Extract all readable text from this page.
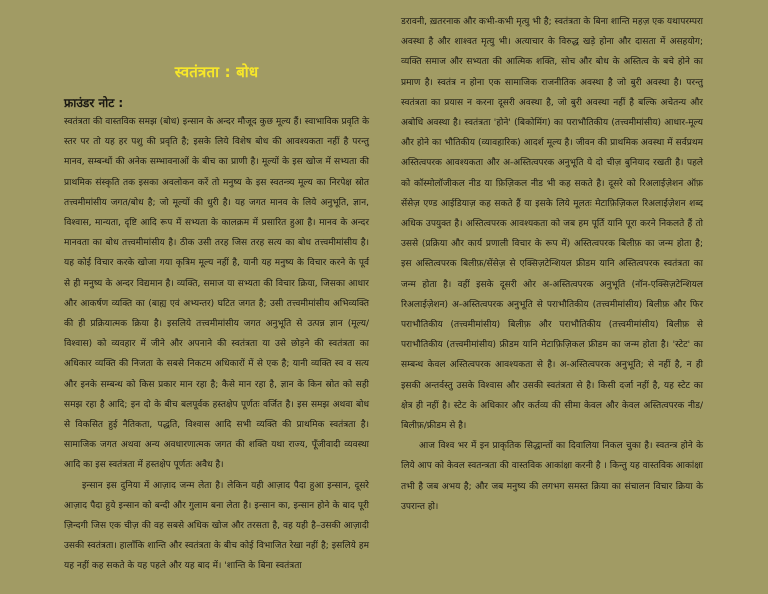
स्वतंत्रता : बोध
फ्राउंडर नोट :

स्वतंत्रता की वास्तविक समझ (बोध) इन्सान के अन्दर मौजूद कुछ मूल्य हैं। स्वाभाविक प्रवृति के स्तर पर तो यह हर पशु की प्रवृति है; इसके लिये विशेष बोध की आवश्यकता नहीं है परन्तु मानव, सम्बन्धों की अनेक सम्भावनाओं के बीच का प्राणी है। मूल्यों के इस खोज में सभ्यता की प्राथमिक संस्कृति तक इसका अवलोकन करें तो मनुष्य के इस स्वतन्त्र्य मूल्य का निरपेक्ष स्रोत तत्त्वमीमांसीय जगत/बोध है; जो मूल्यों की धुरी है। यह जगत मानव के लिये अनुभूति, ज्ञान, विश्वास, मान्यता, दृष्टि आदि रूप में सभ्यता के कालक्रम में प्रसारित हुआ है। मानव के अन्दर मानवता का बोध तत्त्वमीमांसीय है। ठीक उसी तरह जिस तरह सत्य का बोध तत्त्वमीमांसीय है। यह कोई विचार करके खोजा गया कृत्रिम मूल्य नहीं है, यानी यह मनुष्य के विचार करने के पूर्व से ही मनुष्य के अन्दर विद्यमान है। व्यक्ति, समाज या सभ्यता की विचार क्रिया, जिसका आधार और आकर्षण व्यक्ति का (बाह्य एवं अभ्यन्तर) घटित जगत है; उसी तत्त्वमीमांसीय अभिव्यक्ति की ही प्रक्रियात्मक क्रिया है। इसलिये तत्त्वमीमांसीय जगत अनुभूति से उत्पन्न ज्ञान (मूल्य/विश्वास) को व्यवहार में जीने और अपनाने की स्वतंत्रता या उसे छोड़ने की स्वतंत्रता का अधिकार व्यक्ति की निजता के सबसे निकटम अधिकारों में से एक है; यानी व्यक्ति स्व व सत्य और इनके सम्बन्ध को किस प्रकार मान रहा है; कैसे मान रहा है, ज्ञान के किन स्रोत को सही समझ रहा है आदि; इन दो के बीच बलपूर्वक हस्तक्षेप पूर्णतः वर्जित है। इस समझ अथवा बोध से विकसित हुई नैतिकता, पद्धति, विश्वास आदि सभी व्यक्ति की प्राथमिक स्वतंत्रता है। सामाजिक जगत अथवा अन्य अवधारणात्मक जगत की शक्ति यथा राज्य, पूँजीवादी व्यवस्था आदि का इस स्वतंत्रता में हस्तक्षेप पूर्णतः अवैध है।

इन्सान इस दुनिया में आज़ाद जन्म लेता है। लेकिन यही आज़ाद पैदा हुआ इन्सान, दूसरे आज़ाद पैदा हुये इन्सान को बन्दी और गुलाम बना लेता है। इन्सान का, इन्सान होने के बाद पूरी ज़िन्दगी जिस एक चीज़ की वह सबसे अधिक खोज और तरसता है, वह यही है–उसकी आज़ादी उसकी स्वतंत्रता। हालाँकि शान्ति और स्वतंत्रता के बीच कोई विभाजित रेखा नहीं है; इसलिये हम यह नहीं कह सकते के यह पहले और यह बाद में। 'शान्ति के बिना स्वतंत्रता

डरावनी, ख़तरनाक और कभी-कभी मृत्यु भी है; स्वतंत्रता के बिना शान्ति महज़ एक यथापरम्परा अवस्था है और शाश्वत मृत्यु भी। अत्याचार के विरुद्ध खड़े होना और दासता में असहयोग; व्यक्ति समाज और सभ्यता की आत्मिक शक्ति, सोच और बोध के अस्तित्व के बचे होने का प्रमाण है। स्वतंत्र न होना एक सामाजिक राजनीतिक अवस्था है जो बुरी अवस्था है। परन्तु स्वतंत्रता का प्रयास न करना दूसरी अवस्था है, जो बुरी अवस्था नहीं है बल्कि अचेतन्य और अबोधि अवस्था है। स्वतंत्रता 'होने' (बिकोमिंग) का पराभौतिकीय (तत्त्वमीमांसीय) आधार-मूल्य और होने का भौतिकीय (व्यावहारिक) आदर्श मूल्य है। जीवन की प्राथमिक अवस्था में सर्वप्रथम अस्तित्वपरक आवश्यकता और अ-अस्तित्वपरक अनुभूति ये दो चीज़ बुनियाद रखती है। पहले को कॉस्मोलॉजीकल नीड या फ़िज़िकल नीड भी कह सकते है। दूसरे को रिअलाईज़ेशन ऑफ़ सेंसेज़ एण्ड आईडियाज़ कह सकते हैं या इसके लिये मूलतः मेटाफ़िज़िकल रिअलाईज़ेशन शब्द अधिक उपयुक्त है। अस्तित्वपरक आवश्यकता को जब हम पूर्ति यानि पूरा करने निकलते हैं तो उससे (प्रक्रिया और कार्य प्रणाली विचार के रूप में) अस्तित्वपरक बिलीफ़ का जन्म होता है; इस अस्तित्वपरक बिलीफ़/सेंसेज़ से एक्सिज़टेन्शियल फ्रीडम यानि अस्तित्वपरक स्वतंत्रता का जन्म होता है। वहीं इसके दूसरी ओर अ-अस्तित्वपरक अनुभूति (नॉन-एक्सिज़टेन्शियल रिअलाईज़ेशन) अ-अस्तित्वपरक अनुभूति से पराभौतिकीय (तत्त्वमीमांसीय) बिलीफ़ और फिर पराभौतिकीय (तत्त्वमीमांसीय) बिलीफ़ और पराभौतिकीय (तत्त्वमीमांसीय) बिलीफ़ से पराभौतिकीय (तत्त्वमीमांसीय) फ्रीडम यानि मेटाफ़िज़िकल फ्रीडम का जन्म होता है। 'स्टेट' का सम्बन्ध केवल अस्तित्वपरक आवश्यकता से है। अ-अस्तित्वपरक अनुभूति; से नहीं है, न ही इसकी अन्तर्वस्तु उसके विश्वास और उसकी स्वतंत्रता से है। किसी दर्जा नहीं है, यह स्टेट का क्षेत्र ही नहीं है। स्टेट के अधिकार और कर्तव्य की सीमा केवल और केवल अस्तित्वपरक नीड/बिलीफ़/फ्रीडम से है।

आज विश्व भर में इन प्राकृतिक सिद्धान्तों का दिवालिया निकल चुका है। स्वतन्त्र होने के लिये आप को केवल स्वतन्त्रता की वास्तविक आकांक्षा करनी है । किन्तु यह वास्तविक आकांक्षा तभी है जब अभय है; और जब मनुष्य की लगभग समस्त क्रिया का संचालन विचार क्रिया के उपरान्त हो।
